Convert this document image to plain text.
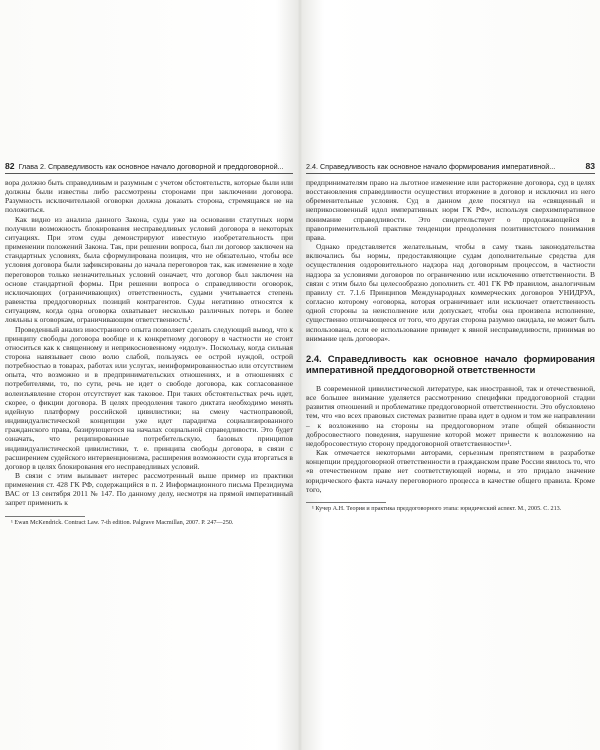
82 Глава 2. Справедливость как основное начало договорной и преддоговорной...

вора должно быть справедливым и разумным с учетом обстоятельств, которые были или должны были известны либо рассмотрены сторонами при заключении договора. Разумность исключительной оговорки должна доказать сторона, стремящаяся не на положиться.

Как видно из анализа данного Закона, суды уже на основании статутных норм получили возможность блокирования несправедливых условий договора в некоторых ситуациях. При этом суды демонстрируют известную изобретательность при применении положений Закона. Так, при решении вопроса, был ли договор заключен на стандартных условиях, была сформулирована позиция, что не обязательно, чтобы все условия договора были зафиксированы до начала переговоров так, как изменение в ходе переговоров только незначительных условий означает, что договор был заключен на основе стандартной формы. При решении вопроса о справедливости оговорок, исключающих (ограничивающих) ответственность, судами учитывается степень равенства преддоговорных позиций контрагентов. Суды негативно относятся к ситуациям, когда одна оговорка охватывает несколько различных потерь и более лояльны к оговоркам, ограничивающим ответственность¹.

Проведенный анализ иностранного опыта позволяет сделать следующий вывод, что к принципу свободы договора вообще и к конкретному договору в частности не стоит относиться как к священному и неприкосновенному «идолу». Поскольку, когда сильная сторона навязывает свою волю слабой, пользуясь ее острой нуждой, острой потребностью в товарах, работах или услугах, неинформированностью или отсутствием опыта, что возможно и в предпринимательских отношениях, и в отношениях с потребителями, то, по сути, речь не идет о свободе договора, как согласованное волеизъявление сторон отсутствует как таковое. При таких обстоятельствах речь идет, скорее, о фикции договора. В целях преодоления такого диктата необходимо менять идейную платформу российской цивилистики; на смену частноправовой, индивидуалистической концепции уже идет парадигма социализированного гражданского права, базирующегося на началах социальной справедливости. Это будет означать, что реципированные потребительскую, базовых принципов индивидуалистической цивилистики, т. е. принципа свободы договора, в связи с расширением судейского интервенционизма, расширения возможности суда вторгаться в договор в целях блокирования его несправедливых условий.

В связи с этим вызывает интерес рассмотренный выше пример из практики применения ст. 428 ГК РФ, содержащийся в п. 2 Информационного письма Президиума ВАС от 13 сентября 2011 № 147. По данному делу, несмотря на прямой императивный запрет применить к

¹ Ewan McKendrick. Contract Law. 7-th edition. Palgrave Macmillan, 2007. P. 247—250.
2.4. Справедливость как основное начало формирования императивной...	83

предпринимателям право на льготное изменение или расторжение договора, суд в целях восстановления справедливости осуществил вторжение в договор и исключил из него обременительные условия. Суд в данном деле посягнул на «священный и неприкосновенный идол императивных норм ГК РФ», используя сверхимперативное понимание справедливости. Это свидетельствует о продолжающейся в правоприменительной практике тенденции преодоления позитивистского понимания права.

Однако представляется желательным, чтобы в саму ткань законодательства включались бы нормы, предоставляющие судам дополнительные средства для осуществления оздоровительного надзора над договорным процессом, в частности надзора за условиями договоров по ограничению или исключению ответственности. В связи с этим было бы целесообразно дополнить ст. 401 ГК РФ правилом, аналогичным правилу ст. 7.1.6 Принципов Международных коммерческих договоров УНИДРУА, согласно которому «оговорка, которая ограничивает или исключает ответственность одной стороны за неисполнение или допускает, чтобы она произвела исполнение, существенно отличающееся от того, что другая сторона разумно ожидала, не может быть использована, если ее использование приведет к явной несправедливости, принимая во внимание цель договора».

2.4. Справедливость как основное начало формирования императивной преддоговорной ответственности

В современной цивилистической литературе, как иностранной, так и отечественной, все большее внимание уделяется рассмотрению специфики преддоговорной стадии развития отношений и проблематике преддоговорной ответственности. Это обусловлено тем, что «во всех правовых системах развитие права идет в одном и том же направлении – к возложению на стороны на преддоговорном этапе общей обязанности добросовестного поведения, нарушение которой может привести к возложению на недобросовестную сторону преддоговорной ответственности»¹.

Как отмечается некоторыми авторами, серьезным препятствием в разработке концепции преддоговорной ответственности в гражданском праве России явилось то, что «в отечественном праве нет соответствующей нормы, и это придало значение юридического факта началу переговорного процесса в качестве общего правила. Кроме того,

¹ Кучер А.Н. Теория и практика преддоговорного этапа: юридический аспект. М., 2005. С. 213.
